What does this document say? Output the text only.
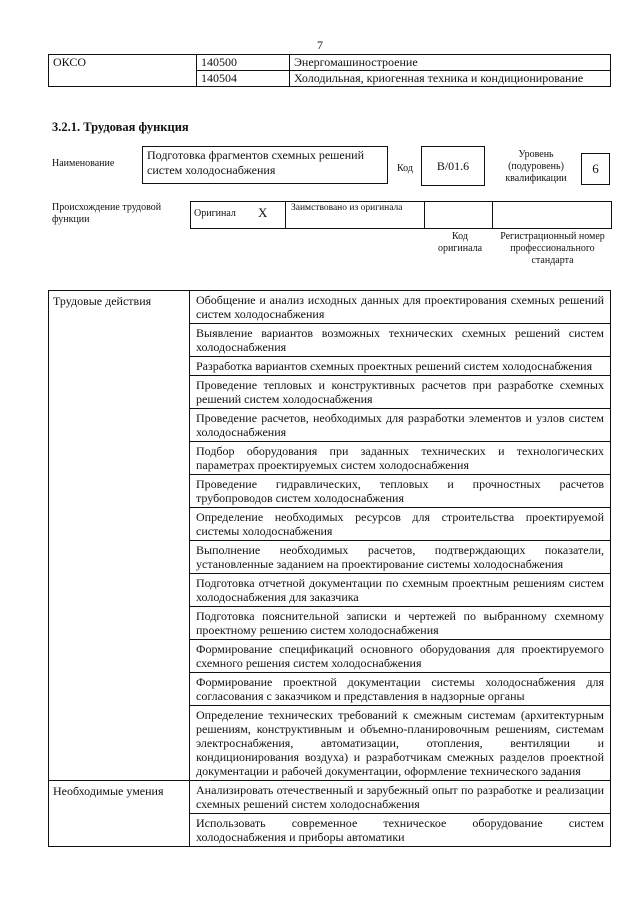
7
ОКСО	140500	Энергомашиностроение
	140504	Холодильная, криогенная техника и кондиционирование
3.2.1. Трудовая функция
Наименование
Подготовка фрагментов схемных решений систем холодоснабжения	Код	В/01.6
Уровень (подуровень) квалификации
6
Происхождение трудовой функции
Оригинал X Заимствовано из оригинала
Код оригинала
Регистрационный номер профессионального стандарта
Трудовые действия	Обобщение и анализ исходных данных для проектирования схемных решений систем холодоснабжения
	Выявление вариантов возможных технических схемных решений систем холодоснабжения
	Разработка вариантов схемных проектных решений систем холодоснабжения
	Проведение тепловых и конструктивных расчетов при разработке схемных решений систем холодоснабжения
	Проведение расчетов, необходимых для разработки элементов и узлов систем холодоснабжения
	Подбор оборудования при заданных технических и технологических параметрах проектируемых систем холодоснабжения
	Проведение гидравлических, тепловых и прочностных расчетов трубопроводов систем холодоснабжения
	Определение необходимых ресурсов для строительства проектируемой системы холодоснабжения
	Выполнение необходимых расчетов, подтверждающих показатели, установленные заданием на проектирование системы холодоснабжения
	Подготовка отчетной документации по схемным проектным решениям систем холодоснабжения для заказчика
	Подготовка пояснительной записки и чертежей по выбранному схемному проектному решению систем холодоснабжения
	Формирование спецификаций основного оборудования для проектируемого схемного решения систем холодоснабжения
	Формирование проектной документации системы холодоснабжения для согласования с заказчиком и представления в надзорные органы
	Определение технических требований к смежным системам (архитектурным решениям, конструктивным и объемно-планировочным решениям, системам электроснабжения, автоматизации, отопления, вентиляции и кондиционирования воздуха) и разработчикам смежных разделов проектной документации и рабочей документации, оформление технического задания
Необходимые умения	Анализировать отечественный и зарубежный опыт по разработке и реализации схемных решений систем холодоснабжения
	Использовать современное техническое оборудование систем холодоснабжения и приборы автоматики
